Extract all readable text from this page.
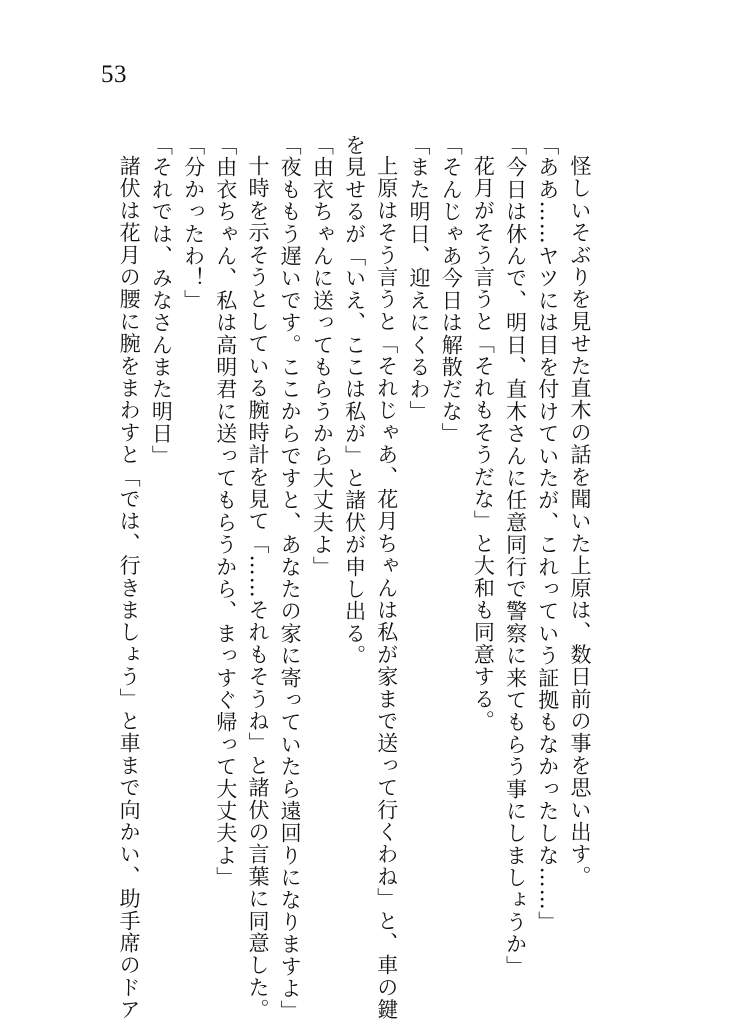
53
怪しいそぶりを見せた直木の話を聞いた上原は、数日前の事を思い出す。
「ああ……ヤツには目を付けていたが、これっていう証拠もなかったしな……」
「今日は休んで、明日、直木さんに任意同行で警察に来てもらう事にしましょうか」
花月がそう言うと「それもそうだな」と大和も同意する。
「そんじゃあ今日は解散だな」
「また明日、迎えにくるわ」
上原はそう言うと「それじゃあ、花月ちゃんは私が家まで送って行くわね」と、車の鍵
を見せるが「いえ、ここは私が」と諸伏が申し出る。
「由衣ちゃんに送ってもらうから大丈夫よ」
「夜ももう遅いです。ここからですと、あなたの家に寄っていたら遠回りになりますよ」
十時を示そうとしている腕時計を見て「……それもそうね」と諸伏の言葉に同意した。
「由衣ちゃん、私は高明君に送ってもらうから、まっすぐ帰って大丈夫よ」
「分かったわ！」
「それでは、みなさんまた明日」
諸伏は花月の腰に腕をまわすと「では、行きましょう」と車まで向かい、助手席のドア
